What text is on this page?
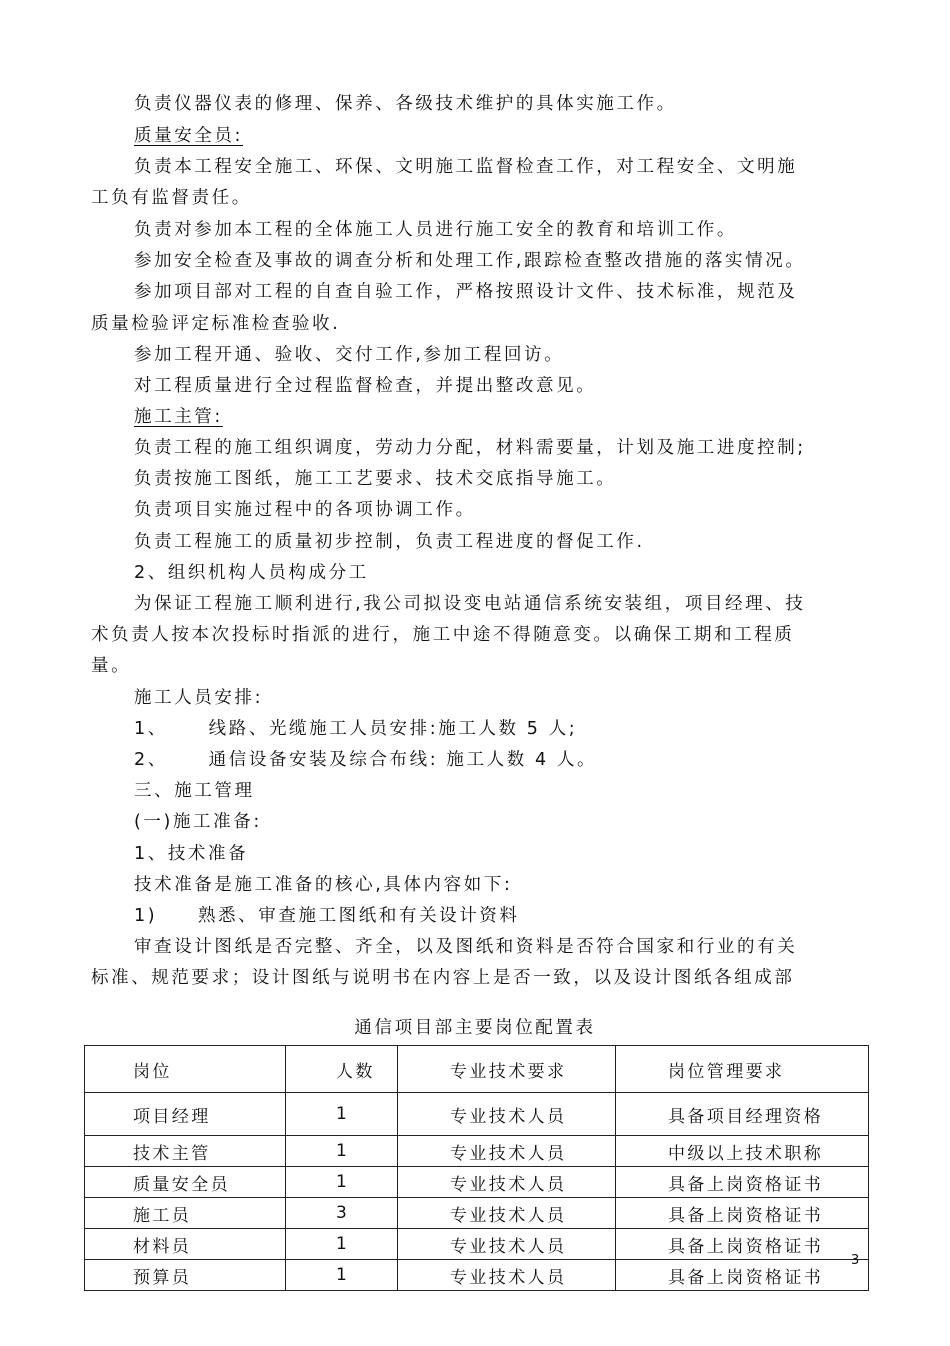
负责仪器仪表的修理、保养、各级技术维护的具体实施工作。
质量安全员:
负责本工程安全施工、环保、文明施工监督检查工作，对工程安全、文明施
工负有监督责任。
负责对参加本工程的全体施工人员进行施工安全的教育和培训工作。
参加安全检查及事故的调查分析和处理工作,跟踪检查整改措施的落实情况。
参加项目部对工程的自查自验工作，严格按照设计文件、技术标准，规范及
质量检验评定标准检查验收.
参加工程开通、验收、交付工作,参加工程回访。
对工程质量进行全过程监督检查，并提出整改意见。
施工主管:
负责工程的施工组织调度，劳动力分配，材料需要量，计划及施工进度控制;
负责按施工图纸，施工工艺要求、技术交底指导施工。
负责项目实施过程中的各项协调工作。
负责工程施工的质量初步控制，负责工程进度的督促工作.
2、组织机构人员构成分工
为保证工程施工顺利进行,我公司拟设变电站通信系统安装组，项目经理、技
术负责人按本次投标时指派的进行，施工中途不得随意变。以确保工期和工程质
量。
施工人员安排:
1、     线路、光缆施工人员安排:施工人数 5 人;
2、     通信设备安装及综合布线: 施工人数 4 人。
三、施工管理
(一)施工准备:
1、技术准备
技术准备是施工准备的核心,具体内容如下:
1)     熟悉、审查施工图纸和有关设计资料
审查设计图纸是否完整、齐全，以及图纸和资料是否符合国家和行业的有关
标准、规范要求；设计图纸与说明书在内容上是否一致，以及设计图纸各组成部
通信项目部主要岗位配置表
岗位	人数	专业技术要求	岗位管理要求
项目经理	1	专业技术人员	具备项目经理资格
技术主管	1	专业技术人员	中级以上技术职称
质量安全员	1	专业技术人员	具备上岗资格证书
施工员	3	专业技术人员	具备上岗资格证书
材料员	1	专业技术人员	具备上岗资格证书
预算员	1	专业技术人员	具备上岗资格证书
3
